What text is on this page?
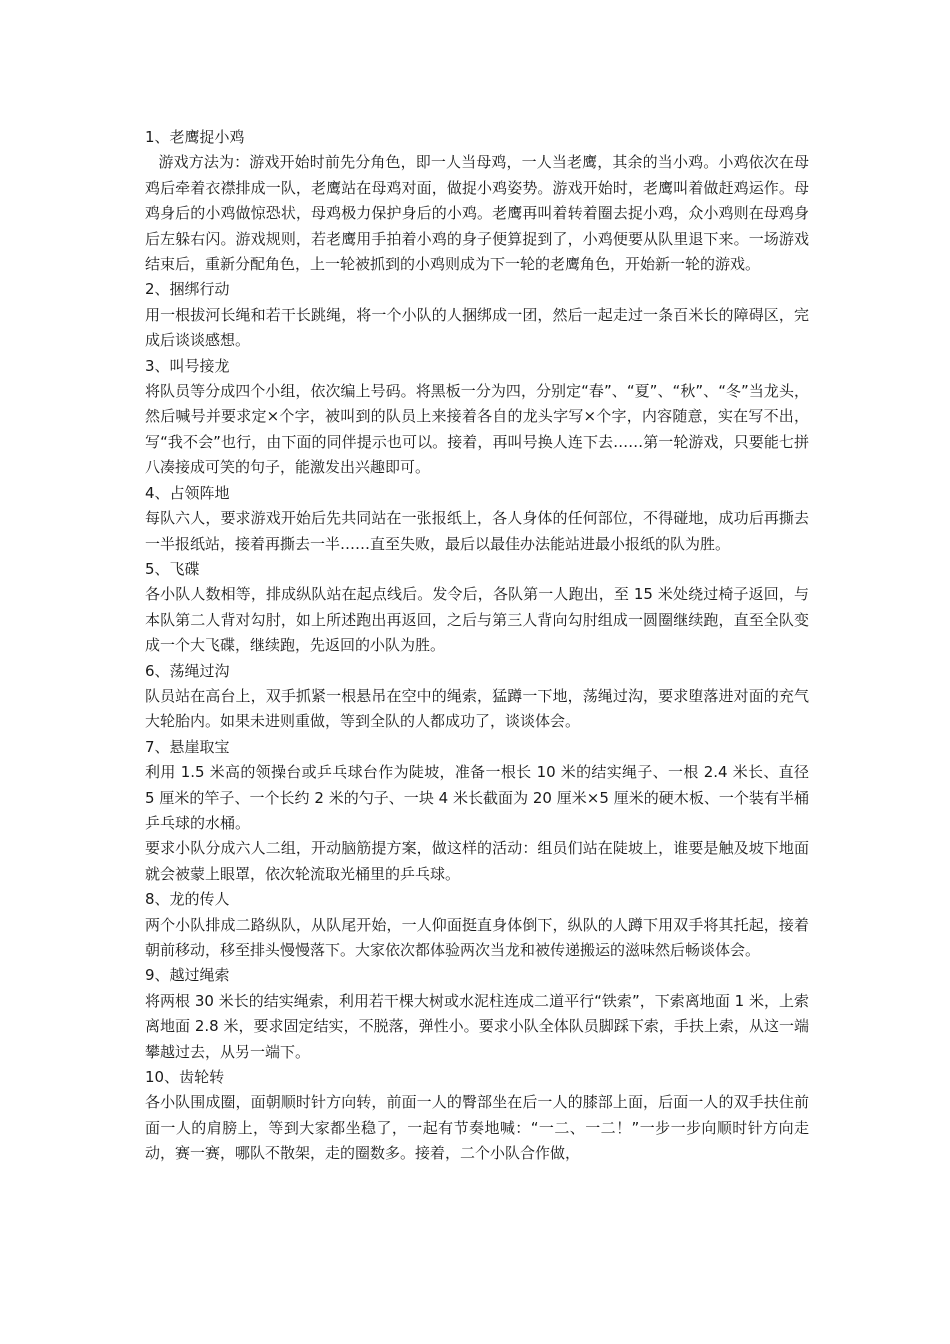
1、老鹰捉小鸡

游戏方法为：游戏开始时前先分角色，即一人当母鸡，一人当老鹰，其余的当小鸡。小鸡依次在母鸡后牵着衣襟排成一队，老鹰站在母鸡对面，做捉小鸡姿势。游戏开始时，老鹰叫着做赶鸡运作。母鸡身后的小鸡做惊恐状，母鸡极力保护身后的小鸡。老鹰再叫着转着圈去捉小鸡，众小鸡则在母鸡身后左躲右闪。游戏规则，若老鹰用手拍着小鸡的身子便算捉到了，小鸡便要从队里退下来。一场游戏结束后，重新分配角色，上一轮被抓到的小鸡则成为下一轮的老鹰角色，开始新一轮的游戏。

2、捆绑行动

用一根拔河长绳和若干长跳绳，将一个小队的人捆绑成一团，然后一起走过一条百米长的障碍区，完成后谈谈感想。

3、叫号接龙

将队员等分成四个小组，依次编上号码。将黑板一分为四，分别定“春”、“夏”、“秋”、“冬”当龙头，然后喊号并要求定×个字，被叫到的队员上来接着各自的龙头字写×个字，内容随意，实在写不出，写“我不会”也行，由下面的同伴提示也可以。接着，再叫号换人连下去……第一轮游戏，只要能七拼八凑接成可笑的句子，能激发出兴趣即可。

4、占领阵地

每队六人，要求游戏开始后先共同站在一张报纸上，各人身体的任何部位，不得碰地，成功后再撕去一半报纸站，接着再撕去一半……直至失败，最后以最佳办法能站进最小报纸的队为胜。

5、飞碟

各小队人数相等，排成纵队站在起点线后。发令后，各队第一人跑出，至 15 米处绕过椅子返回，与本队第二人背对勾肘，如上所述跑出再返回，之后与第三人背向勾肘组成一圆圈继续跑，直至全队变成一个大飞碟，继续跑，先返回的小队为胜。

6、荡绳过沟

队员站在高台上，双手抓紧一根悬吊在空中的绳索，猛蹲一下地，荡绳过沟，要求堕落进对面的充气大轮胎内。如果未进则重做，等到全队的人都成功了，谈谈体会。

7、悬崖取宝

利用 1.5 米高的领操台或乒乓球台作为陡坡，准备一根长 10 米的结实绳子、一根 2.4 米长、直径 5 厘米的竿子、一个长约 2 米的勺子、一块 4 米长截面为 20 厘米×5 厘米的硬木板、一个装有半桶乒乓球的水桶。

要求小队分成六人二组，开动脑筋提方案，做这样的活动：组员们站在陡坡上，谁要是触及坡下地面就会被蒙上眼罩，依次轮流取光桶里的乒乓球。

8、龙的传人

两个小队排成二路纵队，从队尾开始，一人仰面挺直身体倒下，纵队的人蹲下用双手将其托起，接着朝前移动，移至排头慢慢落下。大家依次都体验两次当龙和被传递搬运的滋味然后畅谈体会。

9、越过绳索

将两根 30 米长的结实绳索，利用若干棵大树或水泥柱连成二道平行“铁索”，下索离地面 1 米，上索离地面 2.8 米，要求固定结实，不脱落，弹性小。要求小队全体队员脚踩下索，手扶上索，从这一端攀越过去，从另一端下。

10、齿轮转

各小队围成圈，面朝顺时针方向转，前面一人的臀部坐在后一人的膝部上面，后面一人的双手扶住前面一人的肩膀上，等到大家都坐稳了，一起有节奏地喊：“一二、一二！”一步一步向顺时针方向走动，赛一赛，哪队不散架，走的圈数多。接着，二个小队合作做，
